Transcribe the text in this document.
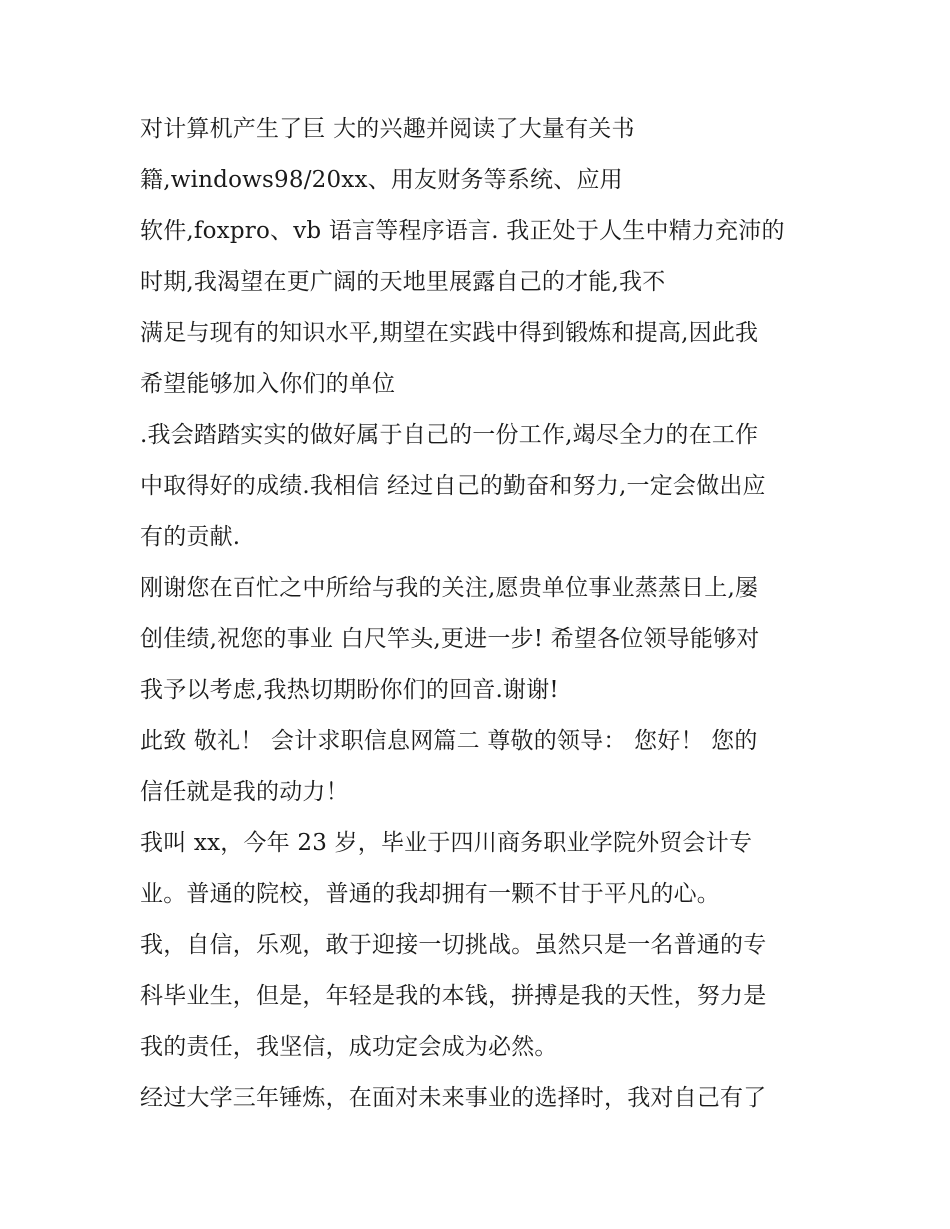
对计算机产生了巨 大的兴趣并阅读了大量有关书
籍,windows98/20xx、用友财务等系统、应用
软件,foxpro、vb 语言等程序语言. 我正处于人生中精力充沛的
时期,我渴望在更广阔的天地里展露自己的才能,我不
满足与现有的知识水平,期望在实践中得到锻炼和提高,因此我
希望能够加入你们的单位
.我会踏踏实实的做好属于自己的一份工作,竭尽全力的在工作
中取得好的成绩.我相信 经过自己的勤奋和努力,一定会做出应
有的贡献.
刚谢您在百忙之中所给与我的关注,愿贵单位事业蒸蒸日上,屡
创佳绩,祝您的事业 白尺竿头,更进一步! 希望各位领导能够对
我予以考虑,我热切期盼你们的回音.谢谢!
此致 敬礼！ 会计求职信息网篇二 尊敬的领导： 您好！ 您的
信任就是我的动力！
我叫 xx，今年 23 岁，毕业于四川商务职业学院外贸会计专
业。普通的院校，普通的我却拥有一颗不甘于平凡的心。
我，自信，乐观，敢于迎接一切挑战。虽然只是一名普通的专
科毕业生，但是，年轻是我的本钱，拼搏是我的天性，努力是
我的责任，我坚信，成功定会成为必然。
经过大学三年锤炼，在面对未来事业的选择时，我对自己有了
